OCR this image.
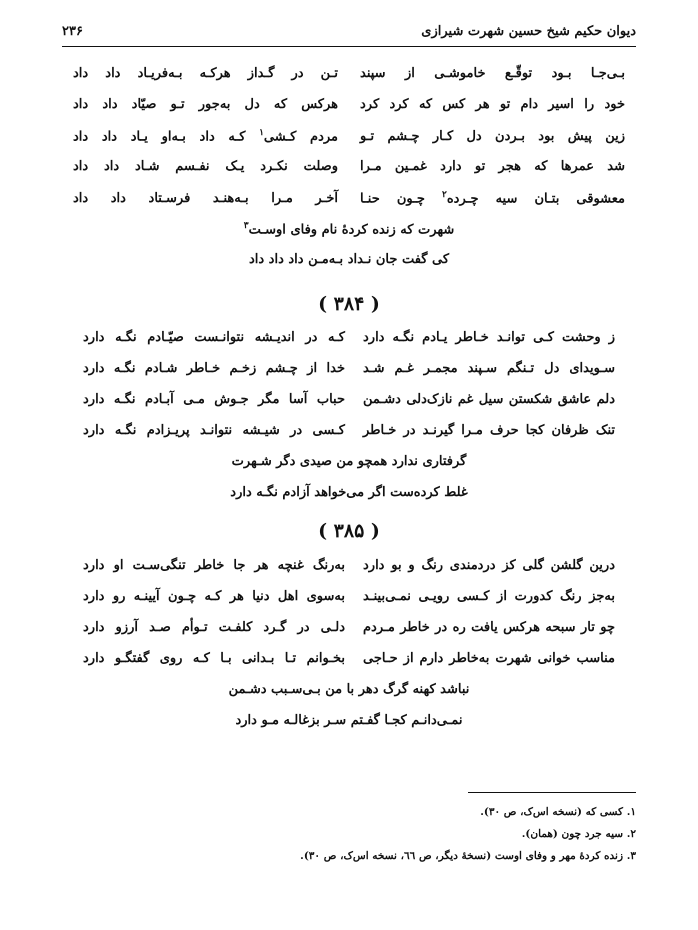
دیوان حکیم شیخ حسین شهرت شیرازی
۲۳۶
بـی‌جـا بـود توقّـع خاموشـی از سپند
تـن در گـداز هرکـه بـه‌فریـاد داد داد
خود را اسیر دام تو هر کس که کرد کرد
هرکس که دل به‌جور تـو صیّاد داد داد
زین پیش بود بـردن دل کـار چـشم تـو
مردم کـشی$^۱$ کـه داد بـه‌او یـاد داد داد
شد عمرها که هجر تو دارد غمـین مـرا
وصلت نکـرد یـک نفـسم شـاد داد داد
معشوقی بتـان سیه چـرده$^۲$ چـون حنـا
آخـر مـرا بـه‌هنـد فرسـتاد داد داد
شهرت که زنده کردهٔ نام وفای اوسـت$^۳$
کی گفت جان نـداد بـه‌مـن داد داد داد
( ۳۸۴ )
ز وحشت کـی توانـد خـاطر یـادم نگـه دارد
کـه در اندیـشه نتوانـست صیّـادم نگـه دارد
سـویدای دل تـنگم سـپند مجمـر غـم شـد
خدا از چـشم زخـم خـاطر شـادم نگـه دارد
دلم عاشق شکستن سیل غم نازک‌دلی دشـمن
حباب آسا مگر جـوش مـی آبـادم نگـه دارد
تنک ظرفان کجا حرف مـرا گیرنـد در خـاطر
کـسی در شیـشه نتوانـد پریـزادم نگـه دارد
گرفتاری ندارد همچو من صیدی دگر شـهرت
غلط کرده‌ست اگر می‌خواهد آزادم نگـه دارد
( ۳۸۵ )
درین گلشن گلی کز دردمندی رنگ و بو دارد
به‌رنگ غنچه هر جا خاطر تنگی‌سـت او دارد
به‌جز رنگ کدورت از کـسی رویـی نمـی‌بینـد
به‌سوی اهل دنیا هر کـه چـون آیینـه رو دارد
چو تار سبحه هرکس یافت ره در خاطر مـردم
دلـی در گـرد کلفـت تـوأم صـد آرزو دارد
مناسب خوانی شهرت به‌خاطر دارم از حـاجی
بخـوانم تـا بـدانی بـا کـه روی گفتگـو دارد
نباشد کهنه گرگ دهر با من بـی‌سـبب دشـمن
نمـی‌دانـم کجـا گفـتم سـر بزغالـه مـو دارد
۱. کسی که (نسخه اس‌ک، ص ۳۰).
۲. سیه جرد چون (همان).
۳. زنده کردهٔ مهر و وفای اوست (نسخهٔ دیگر، ص ٦٦، نسخه اس‌ک، ص ۳۰).
